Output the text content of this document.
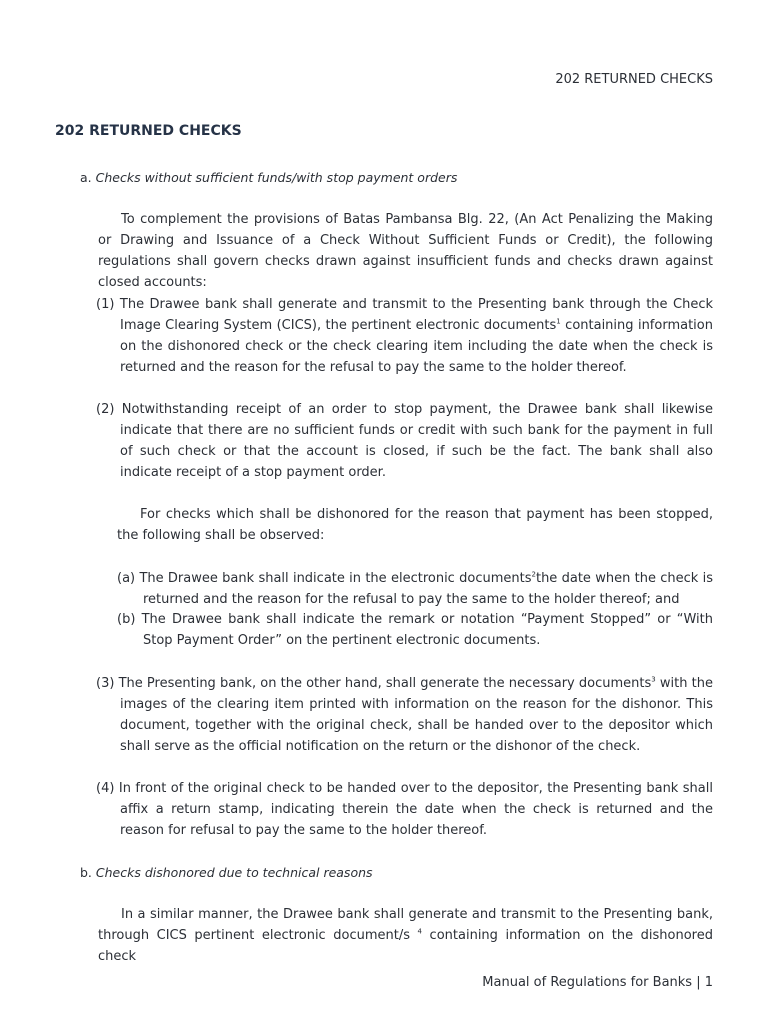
202 RETURNED CHECKS
202 RETURNED CHECKS
a. Checks without sufficient funds/with stop payment orders

To complement the provisions of Batas Pambansa Blg. 22, (An Act Penalizing the Making or Drawing and Issuance of a Check Without Sufficient Funds or Credit), the following regulations shall govern checks drawn against insufficient funds and checks drawn against closed accounts:

(1) The Drawee bank shall generate and transmit to the Presenting bank through the Check Image Clearing System (CICS), the pertinent electronic documents$^1$ containing information on the dishonored check or the check clearing item including the date when the check is returned and the reason for the refusal to pay the same to the holder thereof.
(2) Notwithstanding receipt of an order to stop payment, the Drawee bank shall likewise indicate that there are no sufficient funds or credit with such bank for the payment in full of such check or that the account is closed, if such be the fact. The bank shall also indicate receipt of a stop payment order.

For checks which shall be dishonored for the reason that payment has been stopped, the following shall be observed:

(a) The Drawee bank shall indicate in the electronic documents$^2$the date when the check is returned and the reason for the refusal to pay the same to the holder thereof; and
(b) The Drawee bank shall indicate the remark or notation “Payment Stopped” or “With Stop Payment Order” on the pertinent electronic documents.
(3) The Presenting bank, on the other hand, shall generate the necessary documents$^3$ with the images of the clearing item printed with information on the reason for the dishonor. This document, together with the original check, shall be handed over to the depositor which shall serve as the official notification on the return or the dishonor of the check.
(4) In front of the original check to be handed over to the depositor, the Presenting bank shall affix a return stamp, indicating therein the date when the check is returned and the reason for refusal to pay the same to the holder thereof.
b. Checks dishonored due to technical reasons

In a similar manner, the Drawee bank shall generate and transmit to the Presenting bank, through CICS pertinent electronic document/s $^4$ containing information on the dishonored check

Manual of Regulations for Banks | 1
